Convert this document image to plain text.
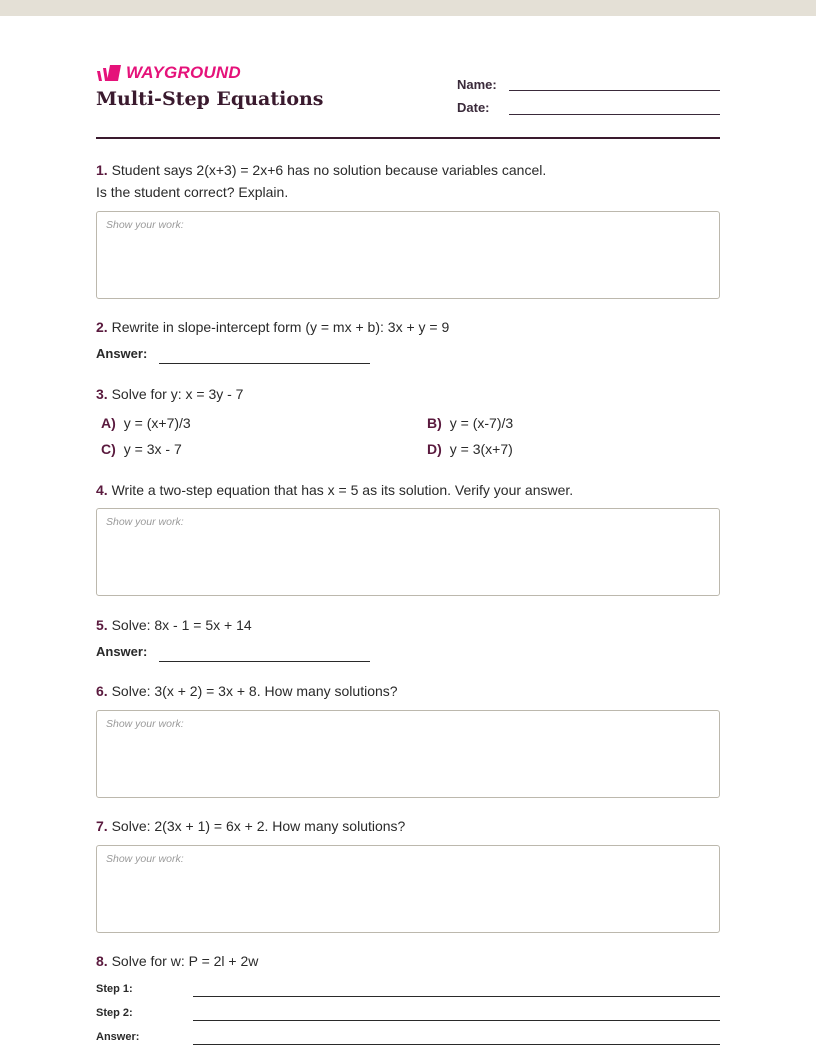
WAYGROUND
Multi-Step Equations
Name:
Date:
1. Student says 2(x+3) = 2x+6 has no solution because variables cancel.
Is the student correct? Explain.
Show your work:
2. Rewrite in slope-intercept form (y = mx + b): 3x + y = 9
Answer:
3. Solve for y: x = 3y - 7
A) y = (x+7)/3	B) y = (x-7)/3
C) y = 3x - 7	D) y = 3(x+7)
4. Write a two-step equation that has x = 5 as its solution. Verify your answer.
Show your work:
5. Solve: 8x - 1 = 5x + 14
Answer:
6. Solve: 3(x + 2) = 3x + 8. How many solutions?
Show your work:
7. Solve: 2(3x + 1) = 6x + 2. How many solutions?
Show your work:
8. Solve for w: P = 2l + 2w
Step 1:
Step 2:
Answer:
